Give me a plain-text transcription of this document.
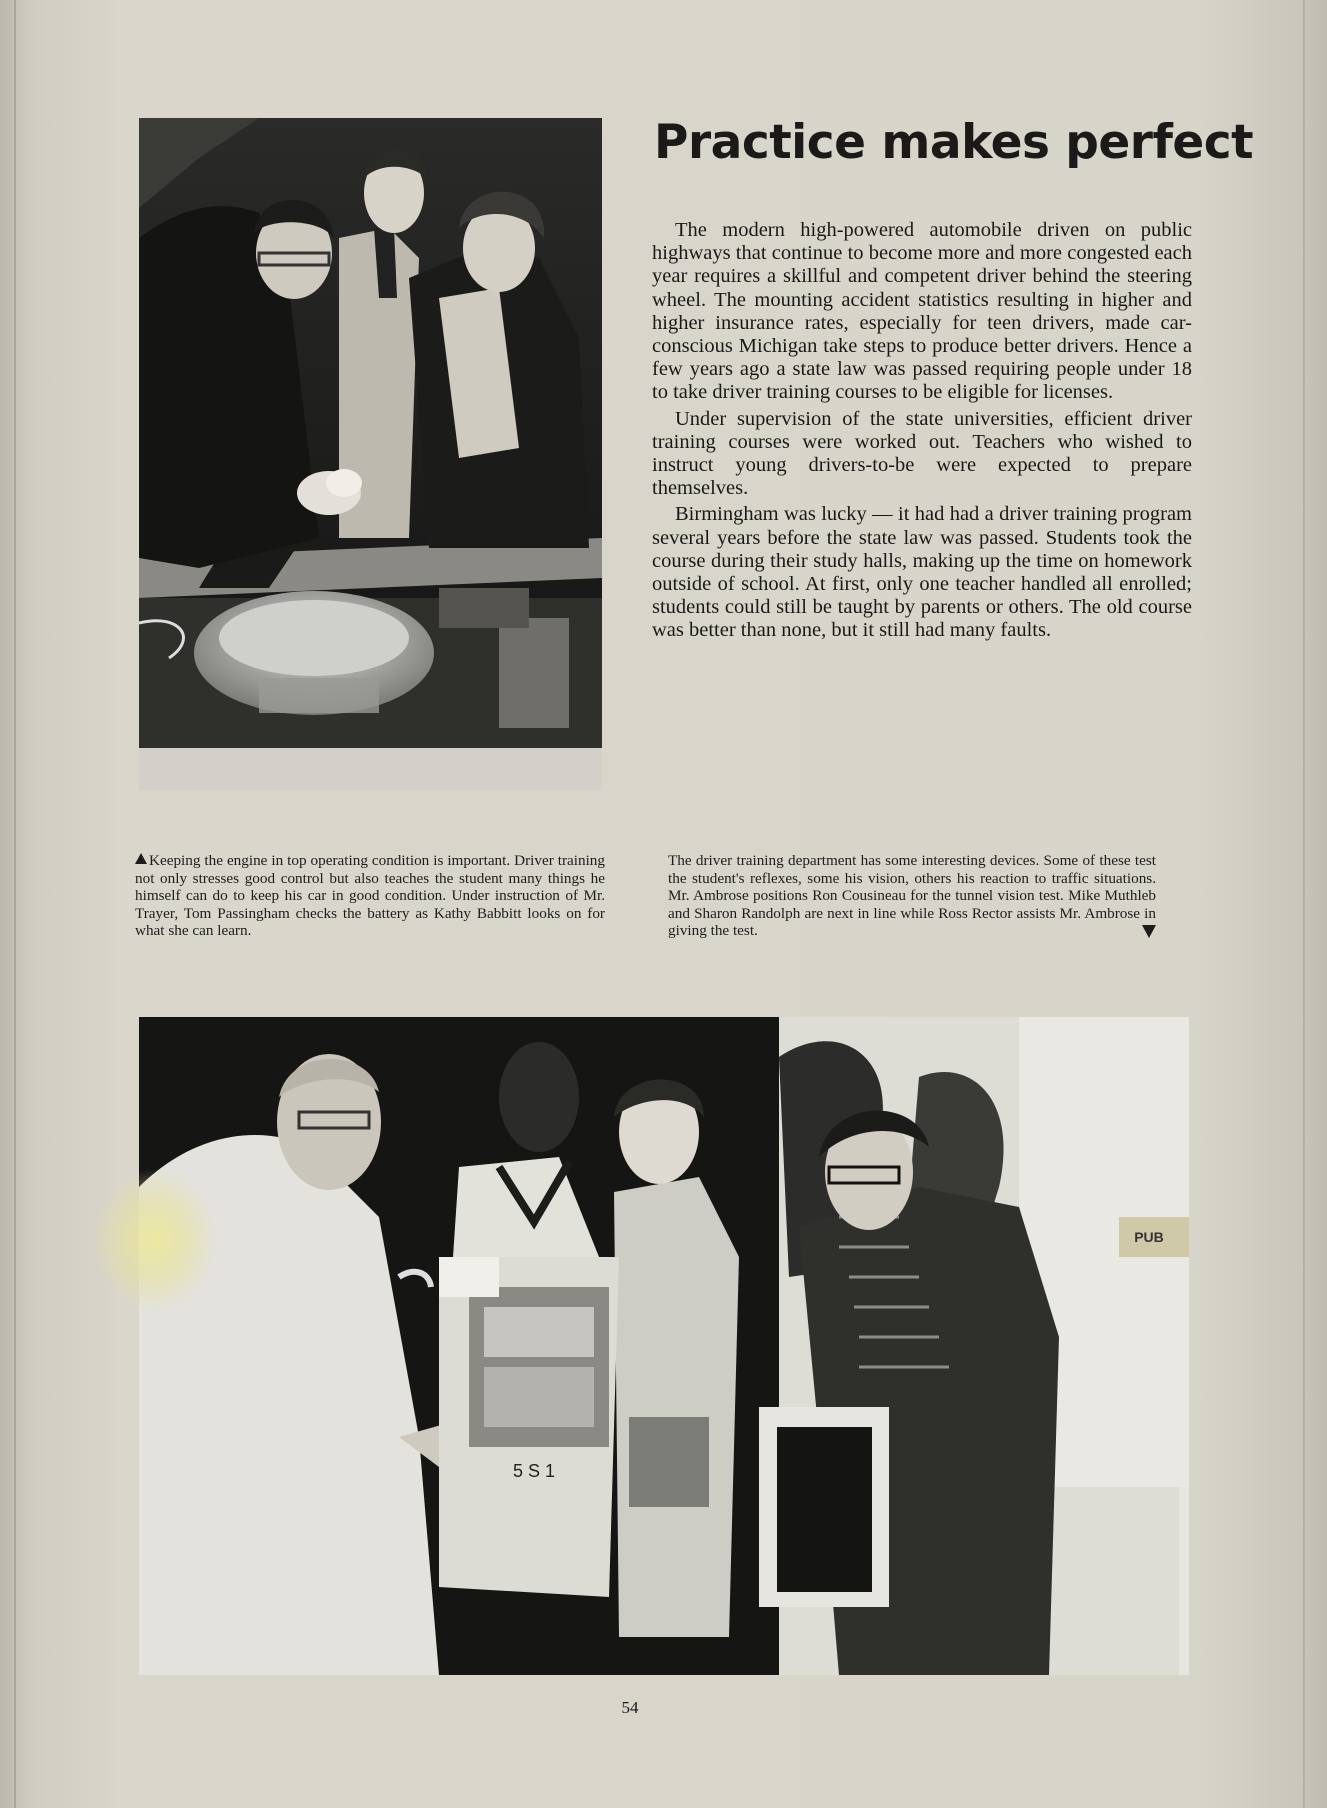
Practice makes perfect

The modern high-powered automobile driven on public highways that continue to become more and more congested each year requires a skillful and competent driver behind the steering wheel. The mounting accident statistics resulting in higher and higher insurance rates, especially for teen drivers, made car-conscious Michigan take steps to produce better drivers. Hence a few years ago a state law was passed requiring people under 18 to take driver training courses to be eligible for licenses.

Under supervision of the state universities, efficient driver training courses were worked out. Teachers who wished to instruct young drivers-to-be were expected to prepare themselves.

Birmingham was lucky — it had had a driver training program several years before the state law was passed. Students took the course during their study halls, making up the time on homework outside of school. At first, only one teacher handled all enrolled; students could still be taught by parents or others. The old course was better than none, but it still had many faults.

Keeping the engine in top operating condition is important. Driver training not only stresses good control but also teaches the student many things he himself can do to keep his car in good condition. Under instruction of Mr. Trayer, Tom Passingham checks the battery as Kathy Babbitt looks on for what she can learn.
The driver training department has some interesting devices. Some of these test the student's reflexes, some his vision, others his reaction to traffic situations. Mr. Ambrose positions Ron Cousineau for the tunnel vision test. Mike Muthleb and Sharon Randolph are next in line while Ross Rector assists Mr. Ambrose in giving the test.
PUB
5 S 1
54
